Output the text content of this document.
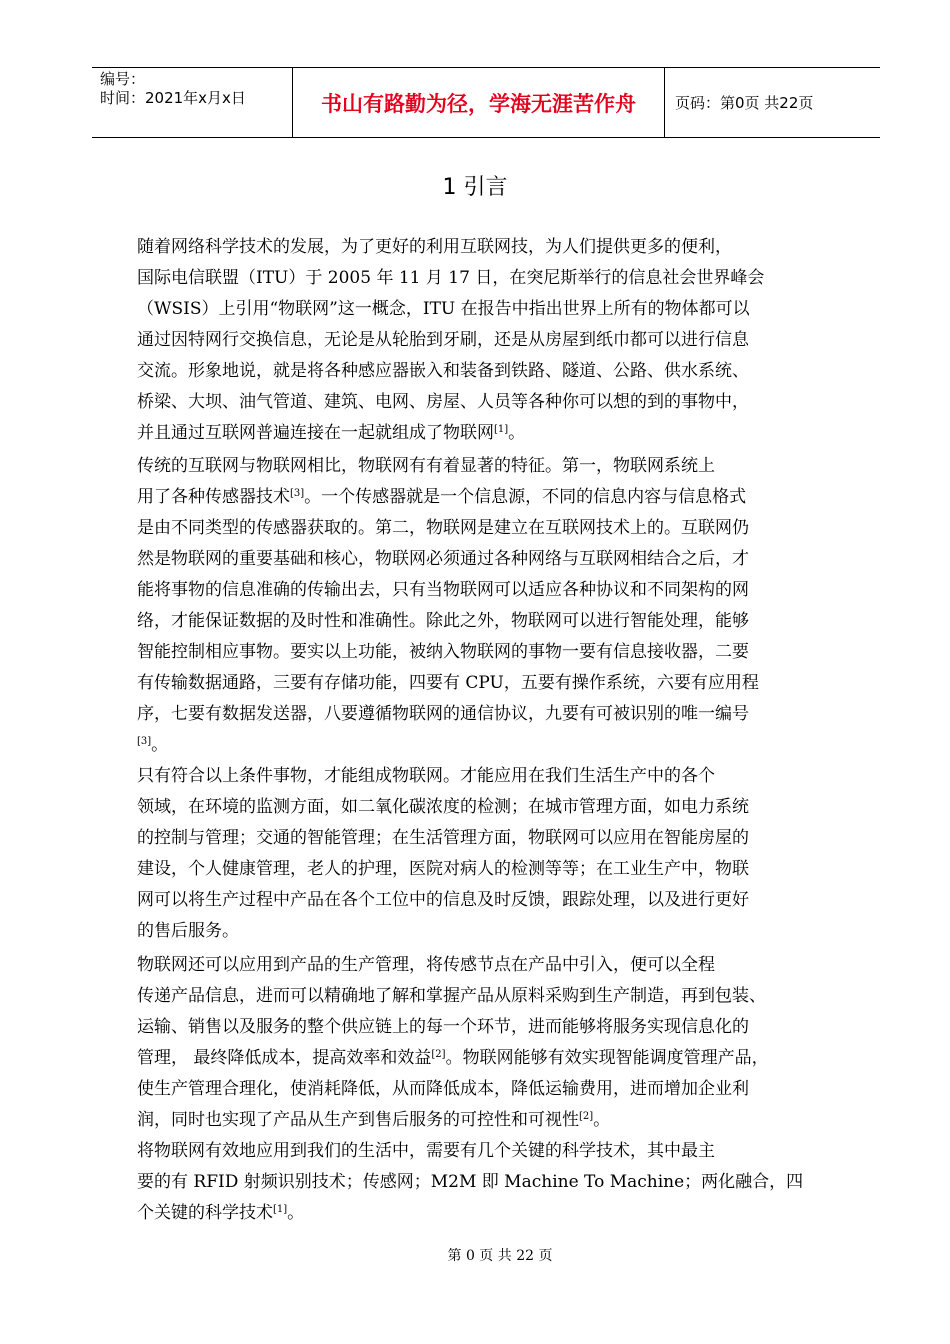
编号：
时间：2021年x月x日	书山有路勤为径，学海无涯苦作舟	页码：第0页 共22页
1 引言
随着网络科学技术的发展，为了更好的利用互联网技，为人们提供更多的便利，
国际电信联盟（ITU）于 2005 年 11 月 17 日，在突尼斯举行的信息社会世界峰会
（WSIS）上引用“物联网”这一概念，ITU 在报告中指出世界上所有的物体都可以
通过因特网行交换信息，无论是从轮胎到牙刷，还是从房屋到纸巾都可以进行信息
交流。形象地说，就是将各种感应器嵌入和装备到铁路、隧道、公路、供水系统、
桥梁、大坝、油气管道、建筑、电网、房屋、人员等各种你可以想的到的事物中，
并且通过互联网普遍连接在一起就组成了物联网[1]。
传统的互联网与物联网相比，物联网有有着显著的特征。第一，物联网系统上
用了各种传感器技术[3]。一个传感器就是一个信息源，不同的信息内容与信息格式
是由不同类型的传感器获取的。第二，物联网是建立在互联网技术上的。互联网仍
然是物联网的重要基础和核心，物联网必须通过各种网络与互联网相结合之后，才
能将事物的信息准确的传输出去，只有当物联网可以适应各种协议和不同架构的网
络，才能保证数据的及时性和准确性。除此之外，物联网可以进行智能处理，能够
智能控制相应事物。要实以上功能，被纳入物联网的事物一要有信息接收器，二要
有传输数据通路，三要有存储功能，四要有 CPU，五要有操作系统，六要有应用程
序，七要有数据发送器，八要遵循物联网的通信协议，九要有可被识别的唯一编号
[3]。
只有符合以上条件事物，才能组成物联网。才能应用在我们生活生产中的各个
领域，在环境的监测方面，如二氧化碳浓度的检测；在城市管理方面，如电力系统
的控制与管理；交通的智能管理；在生活管理方面，物联网可以应用在智能房屋的
建设，个人健康管理，老人的护理，医院对病人的检测等等；在工业生产中，物联
网可以将生产过程中产品在各个工位中的信息及时反馈，跟踪处理，以及进行更好
的售后服务。
物联网还可以应用到产品的生产管理，将传感节点在产品中引入，便可以全程
传递产品信息，进而可以精确地了解和掌握产品从原料采购到生产制造，再到包装、
运输、销售以及服务的整个供应链上的每一个环节，进而能够将服务实现信息化的
管理， 最终降低成本，提高效率和效益[2]。物联网能够有效实现智能调度管理产品，
使生产管理合理化，使消耗降低，从而降低成本，降低运输费用，进而增加企业利
润，同时也实现了产品从生产到售后服务的可控性和可视性[2]。
将物联网有效地应用到我们的生活中，需要有几个关键的科学技术，其中最主
要的有 RFID 射频识别技术；传感网；M2M 即 Machine To Machine；两化融合，四
个关键的科学技术[1]。
第 0 页 共 22 页
